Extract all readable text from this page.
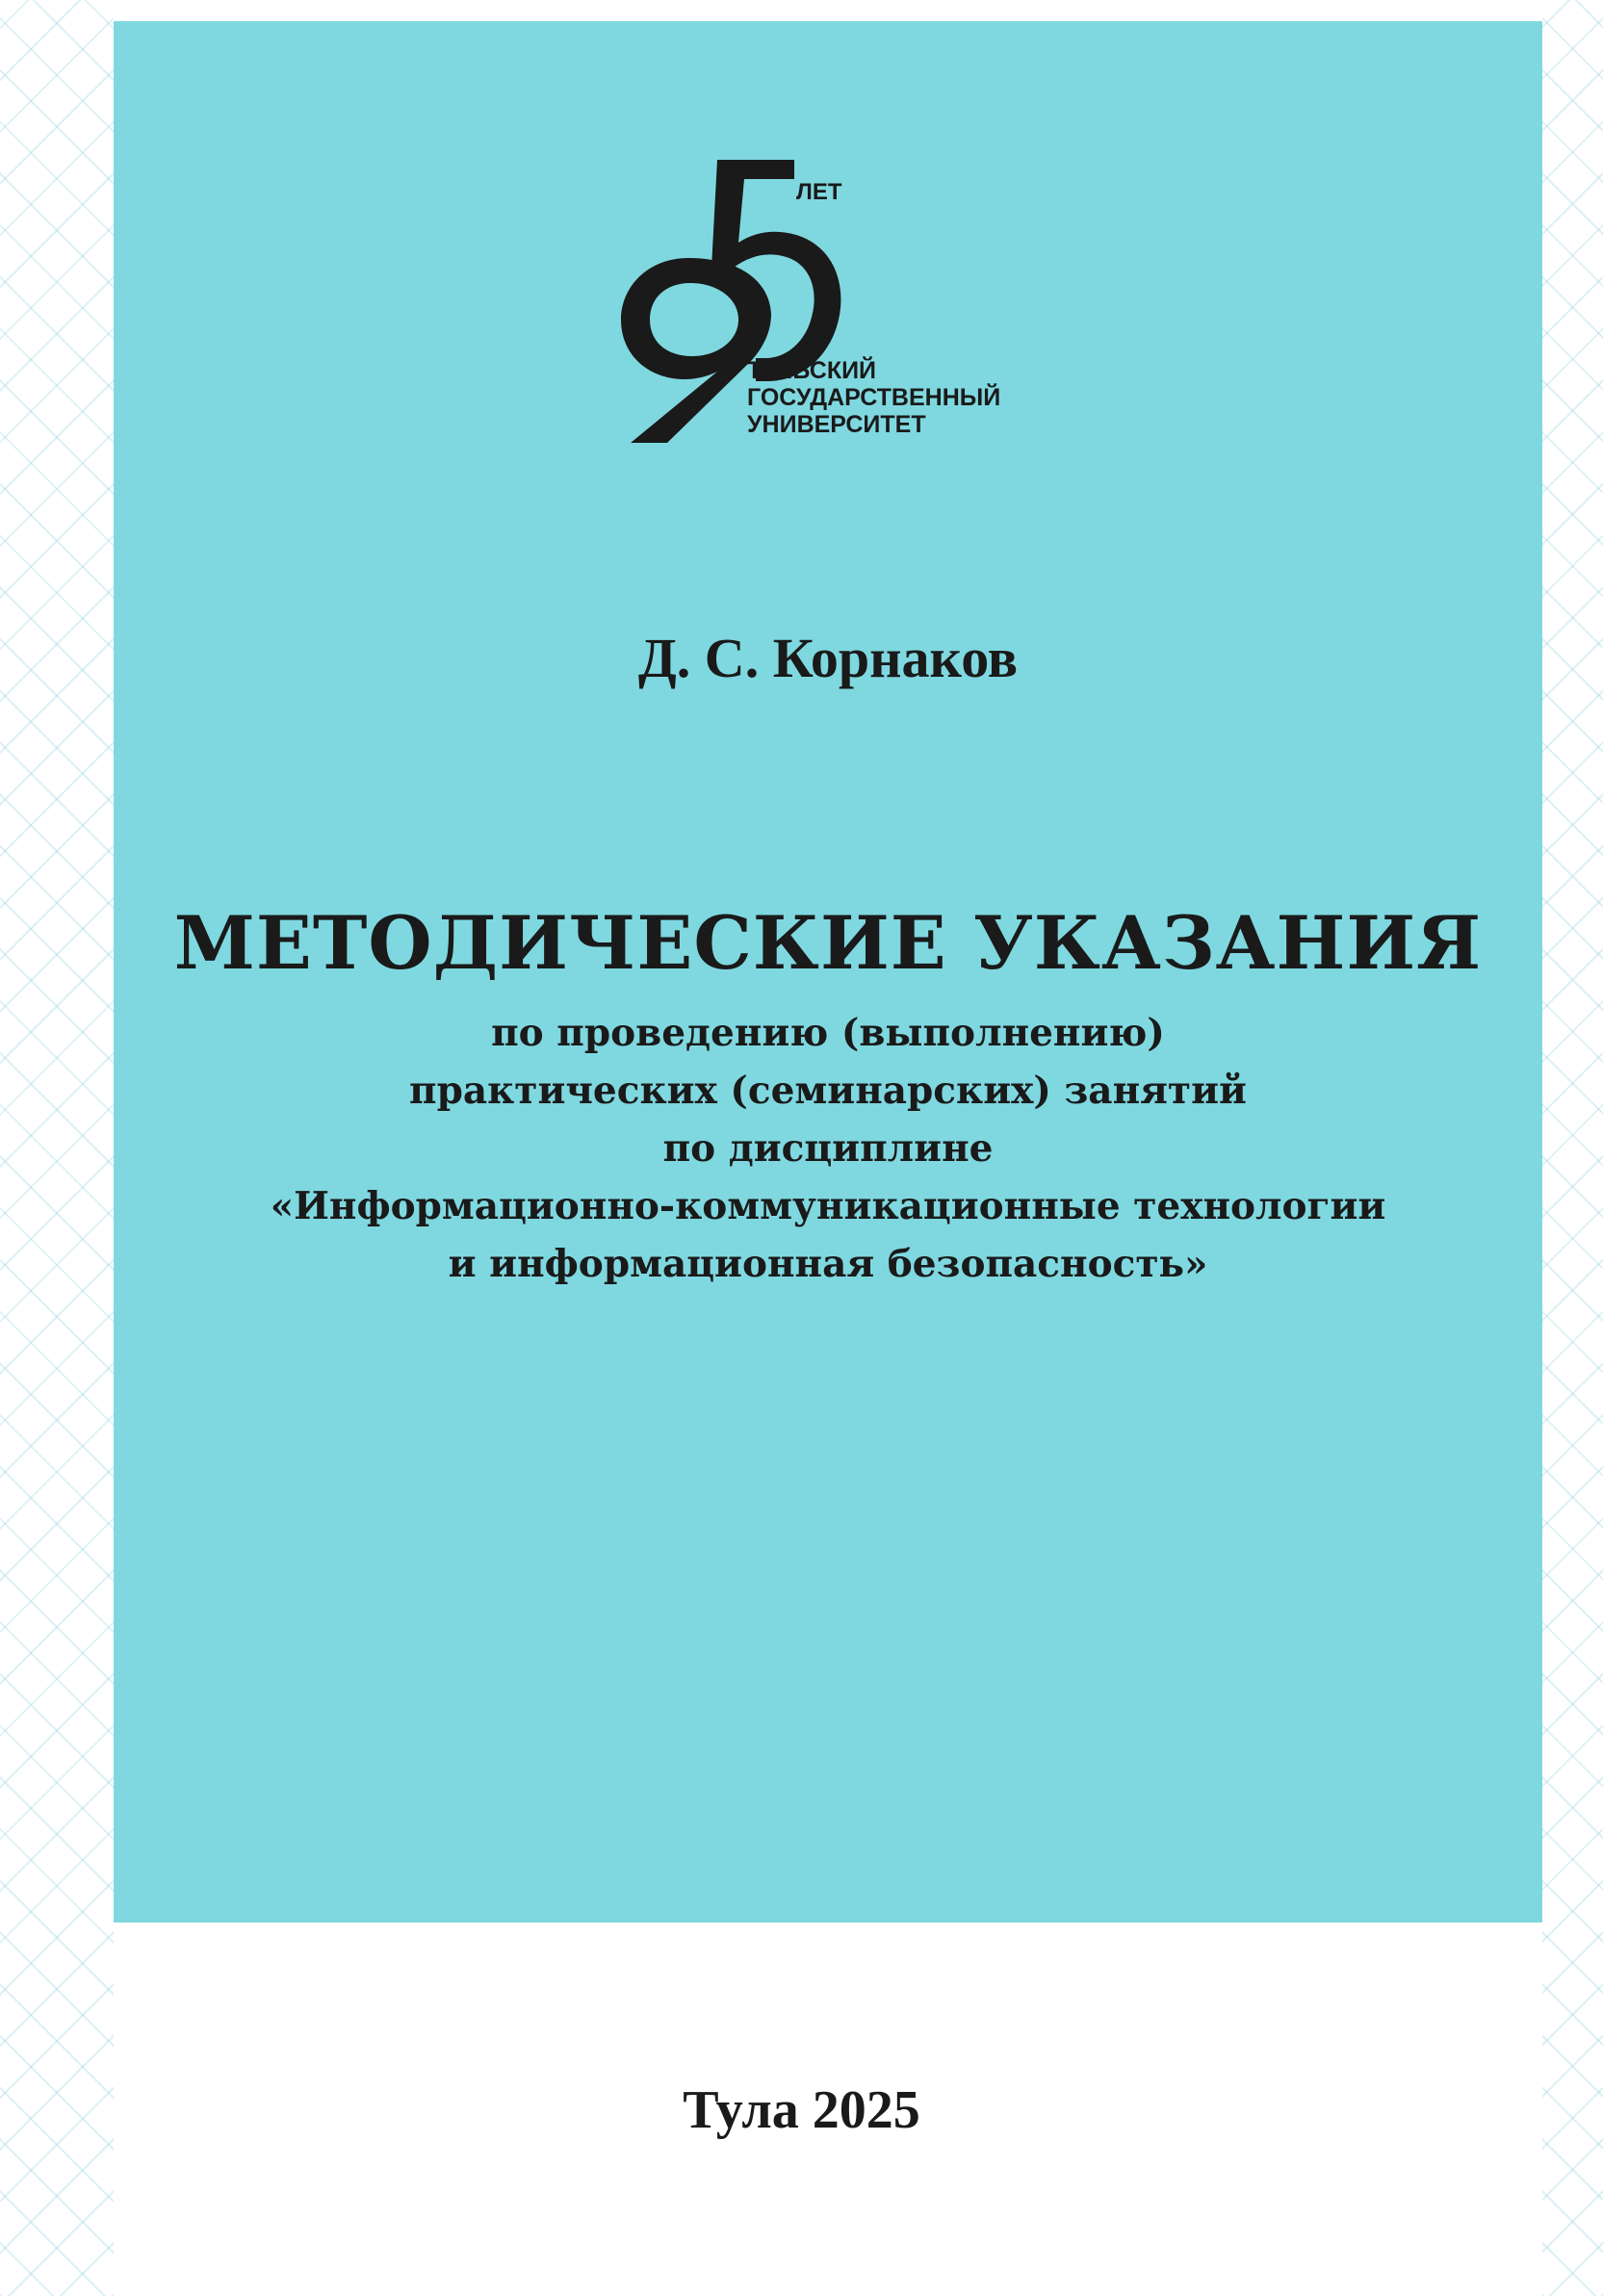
ЛЕТ
ТУЛЬСКИЙ
ГОСУДАРСТВЕННЫЙ
УНИВЕРСИТЕТ
Д. С. Корнаков
МЕТОДИЧЕСКИЕ УКАЗАНИЯ
по проведению (выполнению)
практических (семинарских) занятий
по дисциплине
«Информационно-коммуникационные технологии
и информационная безопасность»
Тула 2025
